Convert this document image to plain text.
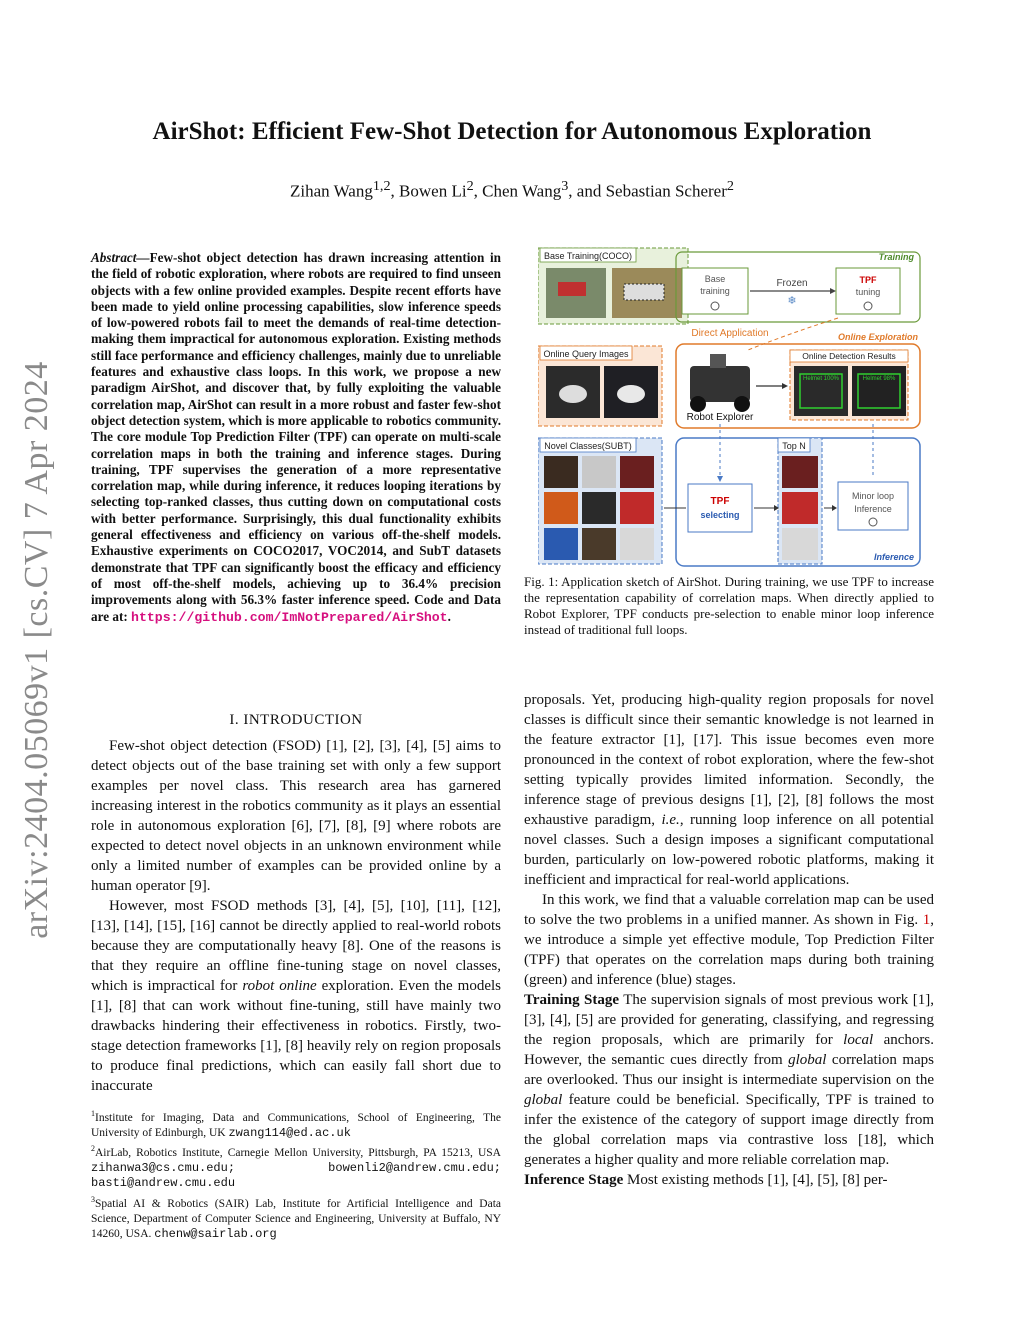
arXiv:2404.05069v1 [cs.CV] 7 Apr 2024
AirShot: Efficient Few-Shot Detection for Autonomous Exploration
Zihan Wang$^{1,2}$, Bowen Li$^2$, Chen Wang$^3$, and Sebastian Scherer$^2$
Abstract—Few-shot object detection has drawn increasing attention in the field of robotic exploration, where robots are required to find unseen objects with a few online provided examples. Despite recent efforts have been made to yield online processing capabilities, slow inference speeds of low-powered robots fail to meet the demands of real-time detection-making them impractical for autonomous exploration. Existing methods still face performance and efficiency challenges, mainly due to unreliable features and exhaustive class loops. In this work, we propose a new paradigm AirShot, and discover that, by fully exploiting the valuable correlation map, AirShot can result in a more robust and faster few-shot object detection system, which is more applicable to robotics community. The core module Top Prediction Filter (TPF) can operate on multi-scale correlation maps in both the training and inference stages. During training, TPF supervises the generation of a more representative correlation map, while during inference, it reduces looping iterations by selecting top-ranked classes, thus cutting down on computational costs with better performance. Surprisingly, this dual functionality exhibits general effectiveness and efficiency on various off-the-shelf models. Exhaustive experiments on COCO2017, VOC2014, and SubT datasets demonstrate that TPF can significantly boost the efficacy and efficiency of most off-the-shelf models, achieving up to 36.4% precision improvements along with 56.3% faster inference speed. Code and Data are at: https://github.com/ImNotPrepared/AirShot.
I. INTRODUCTION

Few-shot object detection (FSOD) [1], [2], [3], [4], [5] aims to detect objects out of the base training set with only a few support examples per novel class. This research area has garnered increasing interest in the robotics community as it plays an essential role in autonomous exploration [6], [7], [8], [9] where robots are expected to detect novel objects in an unknown environment while only a limited number of examples can be provided online by a human operator [9].

However, most FSOD methods [3], [4], [5], [10], [11], [12], [13], [14], [15], [16] cannot be directly applied to real-world robots because they are computationally heavy [8]. One of the reasons is that they require an offline fine-tuning stage on novel classes, which is impractical for robot online exploration. Even the models [1], [8] that can work without fine-tuning, still have mainly two drawbacks hindering their effectiveness in robotics. Firstly, two-stage detection frameworks [1], [8] heavily rely on region proposals to produce final predictions, which can easily fall short due to inaccurate

$^1$Institute for Imaging, Data and Communications, School of Engineering, The University of Edinburgh, UK zwang114@ed.ac.uk
$^2$AirLab, Robotics Institute, Carnegie Mellon University, Pittsburgh, PA 15213, USA zihanwa3@cs.cmu.edu; bowenli2@andrew.cmu.edu; basti@andrew.cmu.edu
$^3$Spatial AI & Robotics (SAIR) Lab, Institute for Artificial Intelligence and Data Science, Department of Computer Science and Engineering, University at Buffalo, NY 14260, USA. chenw@sairlab.org
Base Training(COCO)	Training
Base
training
Frozen
❄
TPF
tuning
Direct Application	Online Exploration
Online Query Images
Robot Explorer
Online Detection Results
Helmet 100%	Helmet 98%
Novel Classes(SUBT)	Top N
TPF
selecting
Minor loop
Inference
Inference
Fig. 1: Application sketch of AirShot. During training, we use TPF to increase the representation capability of correlation maps. When directly applied to Robot Explorer, TPF conducts pre-selection to enable minor loop inference instead of traditional full loops.

proposals. Yet, producing high-quality region proposals for novel classes is difficult since their semantic knowledge is not learned in the feature extractor [1], [17]. This issue becomes even more pronounced in the context of robot exploration, where the few-shot setting typically provides limited information. Secondly, the inference stage of previous designs [1], [2], [8] follows the most exhaustive paradigm, i.e., running loop inference on all potential novel classes. Such a design imposes a significant computational burden, particularly on low-powered robotic platforms, making it inefficient and impractical for real-world applications.

In this work, we find that a valuable correlation map can be used to solve the two problems in a unified manner. As shown in Fig. 1, we introduce a simple yet effective module, Top Prediction Filter (TPF) that operates on the correlation maps during both training (green) and inference (blue) stages.

Training Stage The supervision signals of most previous work [1], [3], [4], [5] are provided for generating, classifying, and regressing the region proposals, which are primarily for local anchors. However, the semantic cues directly from global correlation maps are overlooked. Thus our insight is intermediate supervision on the global feature could be beneficial. Specifically, TPF is trained to infer the existence of the category of support image directly from the global correlation maps via contrastive loss [18], which generates a higher quality and more reliable correlation map.

Inference Stage Most existing methods [1], [4], [5], [8] per-
